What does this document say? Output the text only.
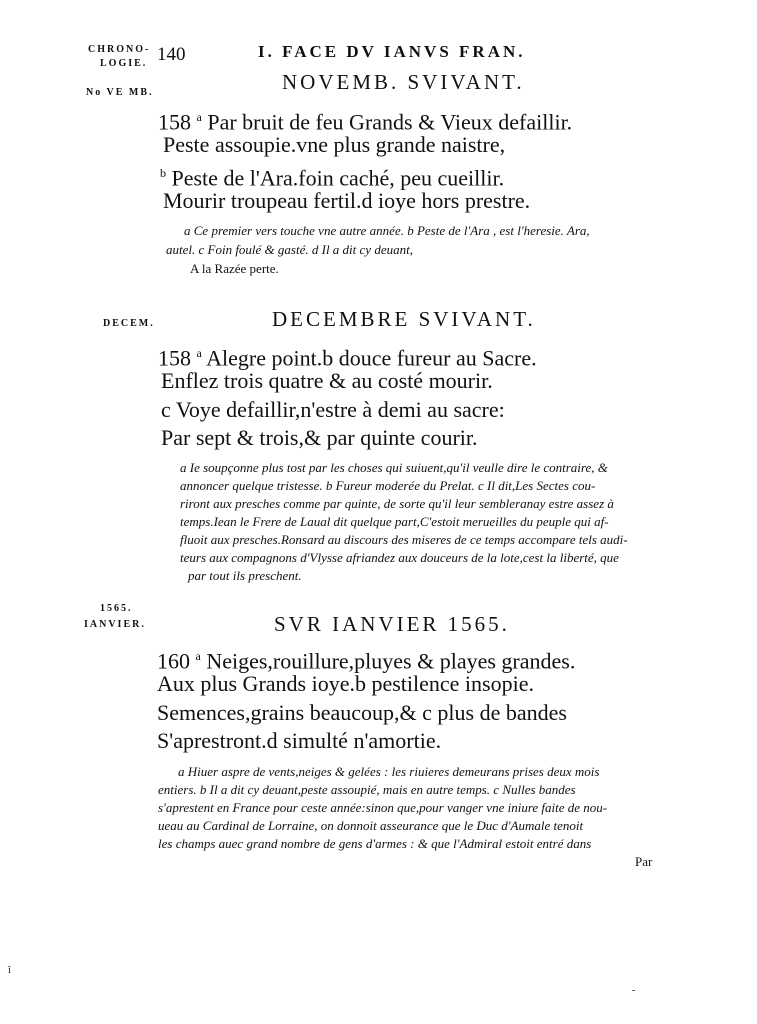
CHRONO-
LOGIE. 140	I. FACE DV IANVS FRAN.
No VE MB.	NOVEMB. SVIVANT.
158 $^a$ Par bruit de feu Grands & Vieux defaillir.
Peste assoupie.vne plus grande naistre,
$^b$ Peste de l'Ara.foin caché, peu cueillir.
Mourir troupeau fertil.d ioye hors prestre.
a Ce premier vers touche vne autre année. b Peste de l'Ara , est l'heresie. Ara,
autel. c Foin foulé & gasté. d Il a dit cy deuant,
A la Razée perte.
DECEM.	DECEMBRE SVIVANT.
158 $^a$ Alegre point.b douce fureur au Sacre.
Enflez trois quatre & au costé mourir.
c Voye defaillir,n'estre à demi au sacre:
Par sept & trois,& par quinte courir.
a Ie soupçonne plus tost par les choses qui suiuent,qu'il veulle dire le contraire, &
annoncer quelque tristesse. b Fureur moderée du Prelat. c Il dit,Les Sectes cou-
riront aux presches comme par quinte, de sorte qu'il leur sembleranay estre assez à
temps.Iean le Frere de Laual dit quelque part,C'estoit merueilles du peuple qui af-
fluoit aux presches.Ronsard au discours des miseres de ce temps accompare tels audi-
teurs aux compagnons d'Vlysse afriandez aux douceurs de la lote,cest la liberté, que
par tout ils preschent.
1565.
IANVIER.	SVR IANVIER 1565.
160 $^a$ Neiges,rouillure,pluyes & playes grandes.
Aux plus Grands ioye.b pestilence insopie.
Semences,grains beaucoup,& c plus de bandes
S'aprestront.d simulté n'amortie.
a Hiuer aspre de vents,neiges & gelées : les riuieres demeurans prises deux mois
entiers. b Il a dit cy deuant,peste assoupié, mais en autre temps. c Nulles bandes
s'aprestent en France pour ceste année:sinon que,pour vanger vne iniure faite de nou-
ueau au Cardinal de Lorraine, on donnoit asseurance que le Duc d'Aumale tenoit
les champs auec grand nombre de gens d'armes : & que l'Admiral estoit entré dans
Par
î
-
